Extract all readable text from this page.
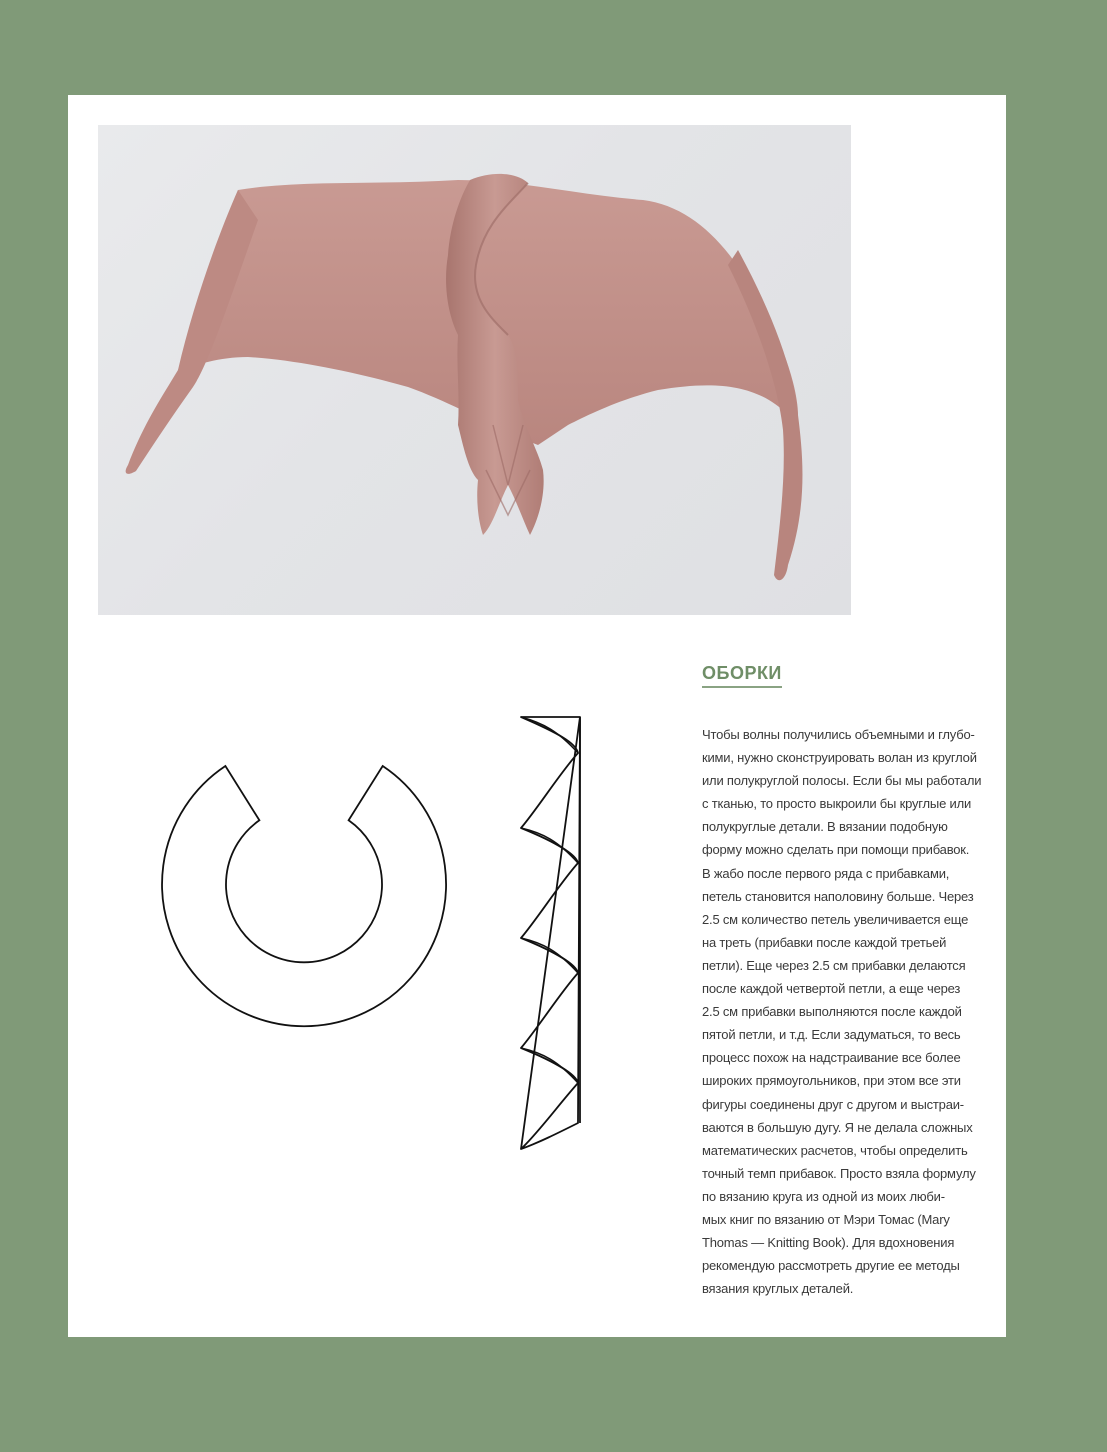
ОБОРКИ

Чтобы волны получились объемными и глубо-
кими, нужно сконструировать волан из круглой
или полукруглой полосы. Если бы мы работали
с тканью, то просто выкроили бы круглые или
полукруглые детали. В вязании подобную
форму можно сделать при помощи прибавок.
В жабо после первого ряда с прибавками,
петель становится наполовину больше. Через
2.5 см количество петель увеличивается еще
на треть (прибавки после каждой третьей
петли). Еще через 2.5 см прибавки делаются
после каждой четвертой петли, а еще через
2.5 см прибавки выполняются после каждой
пятой петли, и т.д. Если задуматься, то весь
процесс похож на надстраивание все более
широких прямоугольников, при этом все эти
фигуры соединены друг с другом и выстраи-
ваются в большую дугу. Я не делала сложных
математических расчетов, чтобы определить
точный темп прибавок. Просто взяла формулу
по вязанию круга из одной из моих люби-
мых книг по вязанию от Мэри Томас (Mary
Thomas — Knitting Book). Для вдохновения
рекомендую рассмотреть другие ее методы
вязания круглых деталей.
